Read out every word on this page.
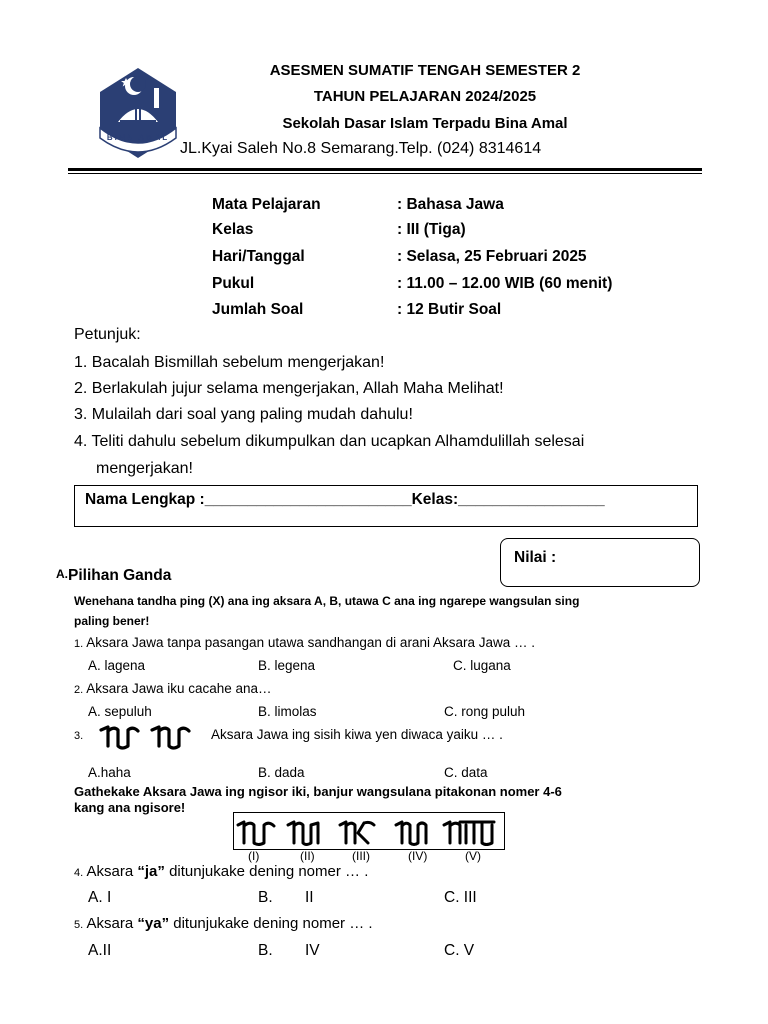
BINA AMAL
ASESMEN SUMATIF TENGAH SEMESTER 2
TAHUN PELAJARAN 2024/2025
Sekolah Dasar Islam Terpadu Bina Amal
JL.Kyai Saleh No.8 Semarang.Telp. (024) 8314614
Mata Pelajaran	: Bahasa Jawa
Kelas	: III (Tiga)
Hari/Tanggal	: Selasa, 25 Februari 2025
Pukul	: 11.00 – 12.00 WIB (60 menit)
Jumlah Soal	: 12 Butir Soal
Petunjuk:
1. Bacalah Bismillah sebelum mengerjakan!
2. Berlakulah jujur selama mengerjakan, Allah Maha Melihat!
3. Mulailah dari soal yang paling mudah dahulu!
4. Teliti dahulu sebelum dikumpulkan dan ucapkan Alhamdulillah selesai
mengerjakan!
Nama Lengkap :________________________Kelas:_________________
Nilai :
A.Pilihan Ganda
Wenehana tandha ping (X) ana ing aksara A, B, utawa C ana ing ngarepe wangsulan sing
paling bener!
1. Aksara Jawa tanpa pasangan utawa sandhangan di arani Aksara Jawa … .
A. lagena	B. legena	C. lugana
2. Aksara Jawa iku cacahe ana…
A. sepuluh	B. limolas	C. rong puluh
3.	Aksara Jawa ing sisih kiwa yen diwaca yaiku … .
A.haha	B. dada	C. data
Gathekake Aksara Jawa ing ngisor iki, banjur wangsulana pitakonan nomer 4-6
kang ana ngisore!
(I)	(II)	(III)	(IV)	(V)
4. Aksara “ja” ditunjukake dening nomer … .
A. I	B. II	C. III
5. Aksara “ya” ditunjukake dening nomer … .
A.II	B. IV	C. V
